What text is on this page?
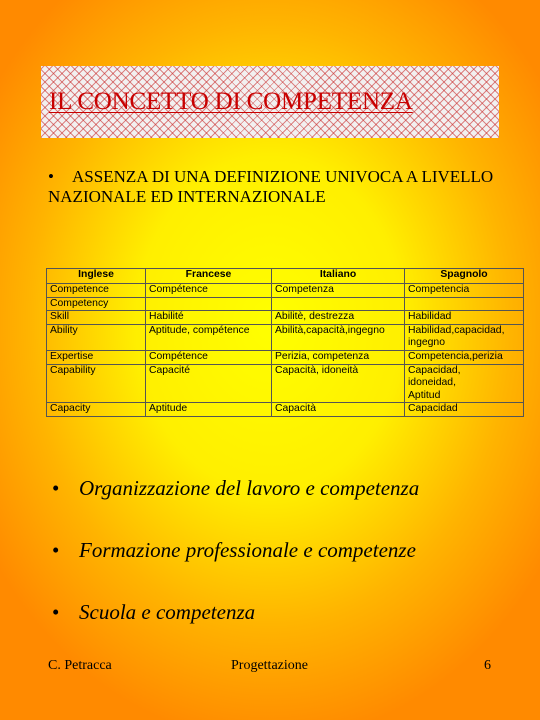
IL CONCETTO DI COMPETENZA

• ASSENZA DI UNA DEFINIZIONE UNIVOCA A LIVELLO NAZIONALE ED INTERNAZIONALE

Inglese	Francese	Italiano	Spagnolo
Competence	Compétence	Competenza	Competencia
Competency			
Skill	Habilité	Abilitè, destrezza	Habilidad
Ability	Aptitude, compétence	Abilità,capacità,ingegno	Habilidad,capacidad,
ingegno
Expertise	Compétence	Perizia, competenza	Competencia,perizia
Capability	Capacité	Capacità, idoneità	Capacidad,
idoneidad,
Aptitud
Capacity	Aptitude	Capacità	Capacidad
• Organizzazione del lavoro e competenza
• Formazione professionale e competenze
• Scuola e competenza
C. Petracca	Progettazione	6
